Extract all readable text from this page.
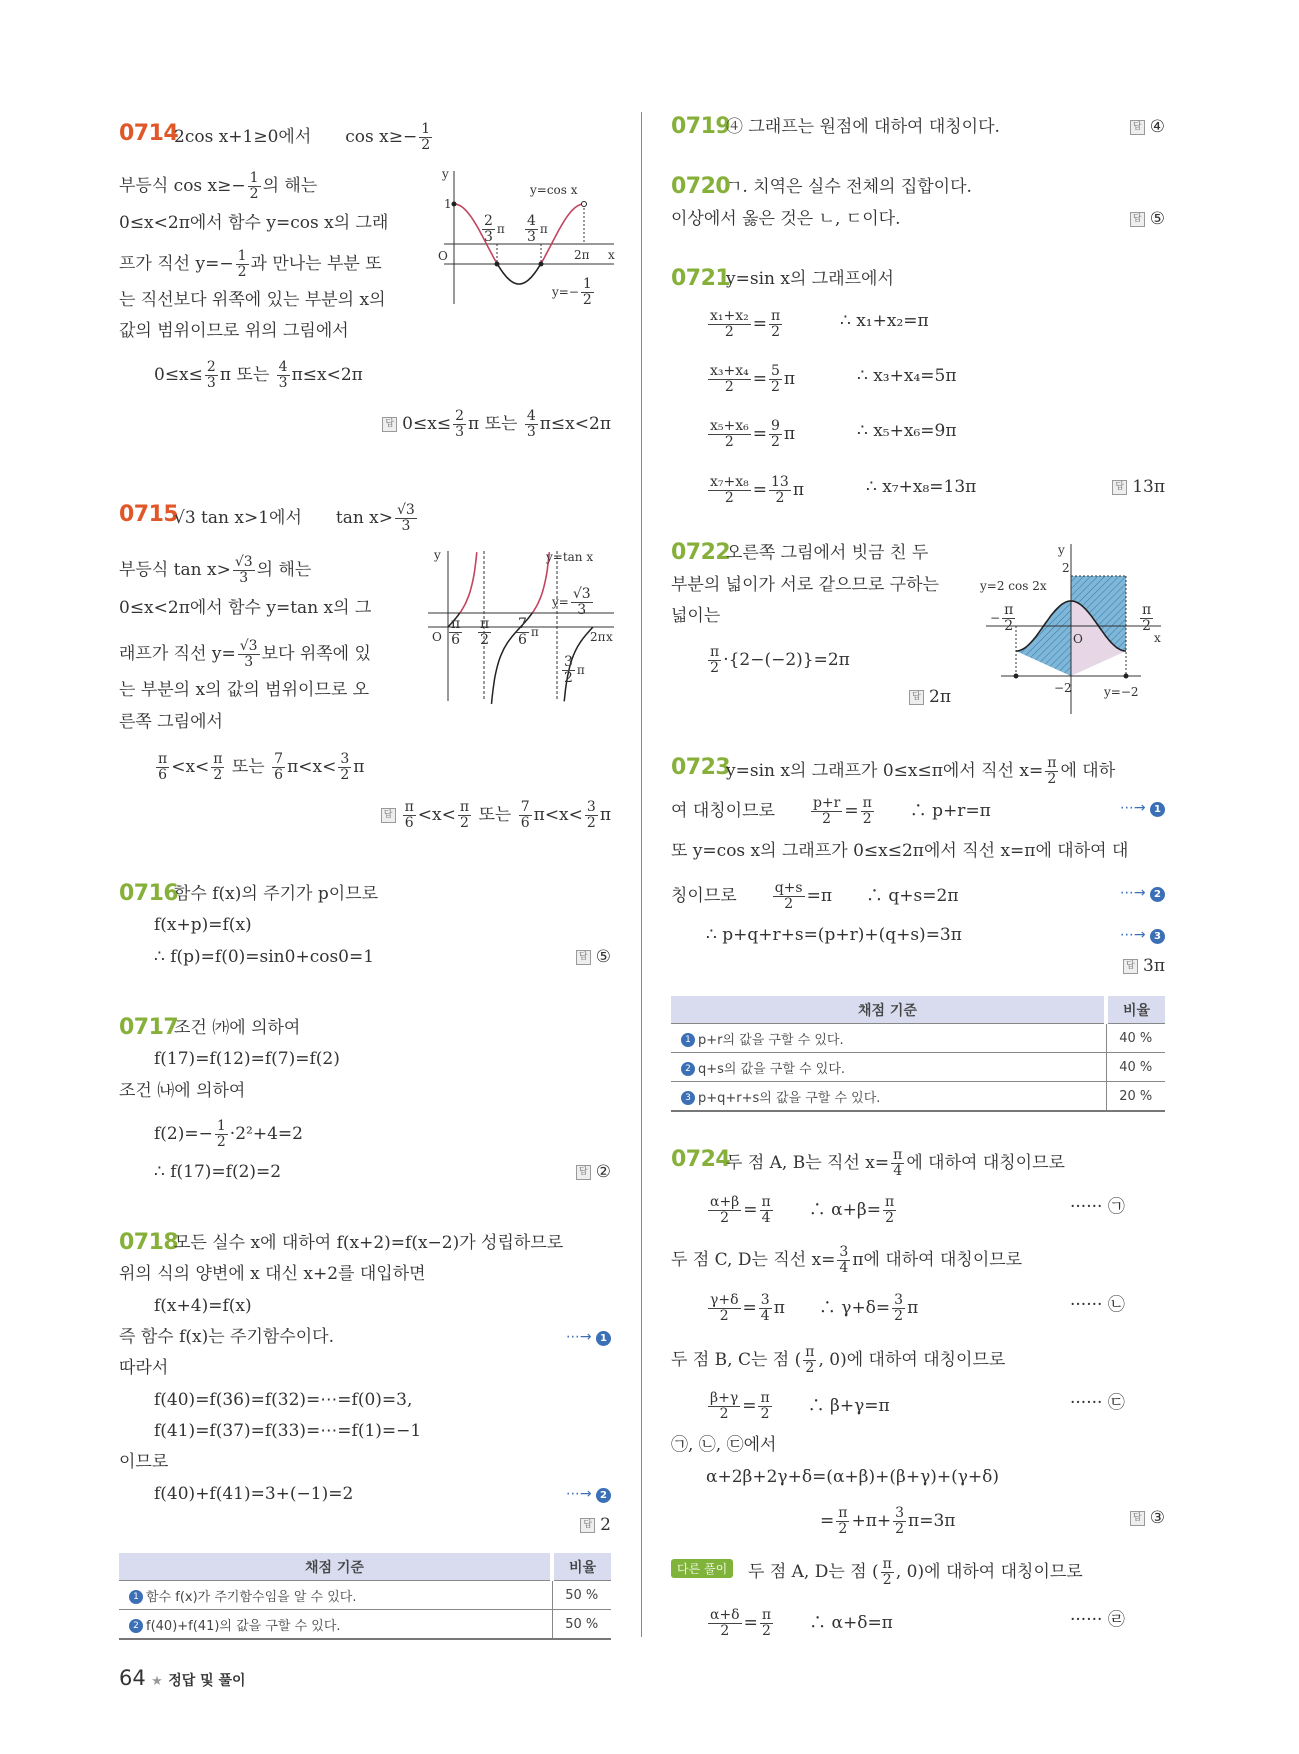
0714
2cos x+1≥0에서　　$\cos x\ge- \frac{1}{2}$
부등식 $\cos x\ge- \frac{1}{2}$ 의 해는
0≤x<2π에서 함수 y=cos x의 그래
프가 직선 $y=- \frac{1}{2}$ 과 만나는 부분 또
는 직선보다 위쪽에 있는 부분의 x의
값의 범위이므로 위의 그림에서
$0\le x\le \frac{2}{3}$ π 또는 $\frac{4}{3} \pi\le x<2\pi$
답 $0\le x\le \frac{2}{3}$ π 또는 $\frac{4}{3} \pi\le x<2\pi$
y
x
O
1
2π
y=cos x
$\frac{2}{3}$ π $\frac{4}{3}$ π
$y=- \frac{1}{2}$
0715
√3 tan x>1에서　　$\tan x> \frac{√3}{3}$
부등식 $\tan x> \frac{√3}{3}$ 의 해는
0≤x<2π에서 함수 y=tan x의 그
래프가 직선 $y= \frac{√3}{3}$ 보다 위쪽에 있
는 부분의 x의 값의 범위이므로 오
른쪽 그림에서
$\frac{\pi}{6} <x< \frac{\pi}{2}$ 또는 $\frac{7}{6} \pi<x< \frac{3}{2}$ π
답 $\frac{\pi}{6} <x< \frac{\pi}{2}$ 또는 $\frac{7}{6} \pi<x< \frac{3}{2}$ π
y
x
O
y=tan x
2π
$\frac{\pi}{6} \frac{\pi}{2} \frac{7}{6}$ π
$\frac{3}{2}$ π
$y= \frac{√3}{3}$
0716
함수 f(x)의 주기가 p이므로
f(x+p)=f(x)
∴ f(p)=f(0)=sin0+cos0=1	답 ⑤
0717
조건 ㈎에 의하여
f(17)=f(12)=f(7)=f(2)
조건 ㈏에 의하여
$f(2)=- \frac{1}{2} \cdot 2^2+4=2$
∴ f(17)=f(2)=2	답 ②
0718
모든 실수 x에 대하여 f(x+2)=f(x−2)가 성립하므로
위의 식의 양변에 x 대신 x+2를 대입하면
f(x+4)=f(x)
즉 함수 f(x)는 주기함수이다.	⋯→ 1
따라서
f(40)=f(36)=f(32)=⋯=f(0)=3,
f(41)=f(37)=f(33)=⋯=f(1)=−1
이므로
f(40)+f(41)=3+(−1)=2	⋯→ 2
답 2
채점 기준	비율
1 함수 f(x)가 주기함수임을 알 수 있다.	50 %
2 f(40)+f(41)의 값을 구할 수 있다.	50 %
64 ★ 정답 및 풀이
0719
④ 그래프는 원점에 대하여 대칭이다.	답 ④
0720
ㄱ. 치역은 실수 전체의 집합이다.
이상에서 옳은 것은 ㄴ, ㄷ이다.	답 ⑤
0721
y=sin x의 그래프에서
$\frac{\text{x₁+x₂}}{2} = \frac{\pi}{2}$	∴ x₁+x₂=π
$\frac{\text{x₃+x₄}}{2} = \frac{5}{2}$ π	∴ x₃+x₄=5π
$\frac{\text{x₅+x₆}}{2} = \frac{9}{2}$ π	∴ x₅+x₆=9π
$\frac{\text{x₇+x₈}}{2} = \frac{13}{2}$ π	∴ x₇+x₈=13π	답 13π
0722
오른쪽 그림에서 빗금 친 두
부분의 넓이가 서로 같으므로 구하는
넓이는
$\frac{\pi}{2} \cdot\{2-(-2)\}=2\pi$
답 2π
y
x
O
2
−2
y=2 cos 2x
y=−2
− $\frac{\pi}{2}$	$\frac{\pi}{2}$
0723
y=sin x의 그래프가 0≤x≤π에서 직선 $x= \frac{\pi}{2}$ 에 대하
여 대칭이므로　　 $\frac{p+r}{2} = \frac{\pi}{2}$ 　　∴ p+r=π	⋯→ 1
또 y=cos x의 그래프가 0≤x≤2π에서 직선 x=π에 대하여 대
칭이므로　　 $\frac{q+s}{2} =\pi$　　∴ q+s=2π	⋯→ 2
∴ p+q+r+s=(p+r)+(q+s)=3π	⋯→ 3
답 3π
채점 기준	비율
1 p+r의 값을 구할 수 있다.	40 %
2 q+s의 값을 구할 수 있다.	40 %
3 p+q+r+s의 값을 구할 수 있다.	20 %
0724
두 점 A, B는 직선 $x= \frac{\pi}{4}$ 에 대하여 대칭이므로
$\frac{\alpha+\beta}{2} = \frac{\pi}{4}$ 　　∴ $\alpha+\beta= \frac{\pi}{2}$	······ ㉠
두 점 C, D는 직선 $x= \frac{3}{4}$ π에 대하여 대칭이므로
$\frac{\gamma+\delta}{2} = \frac{3}{4}$ π　　∴ $\gamma+\delta= \frac{3}{2}$ π	······ ㉡
두 점 B, C는 점 ( $\frac{\pi}{2}$ , 0)에 대하여 대칭이므로
$\frac{\beta+\gamma}{2} = \frac{\pi}{2}$ 　　∴ β+γ=π	······ ㉢
㉠, ㉡, ㉢에서
α+2β+2γ+δ=(α+β)+(β+γ)+(γ+δ)
= $\frac{\pi}{2} +\pi+ \frac{3}{2} \pi=3\pi$	답 ③
다른 풀이	두 점 A, D는 점 ( $\frac{\pi}{2}$ , 0)에 대하여 대칭이므로
$\frac{\alpha+\delta}{2} = \frac{\pi}{2}$ 　　∴ α+δ=π	······ ㉣
